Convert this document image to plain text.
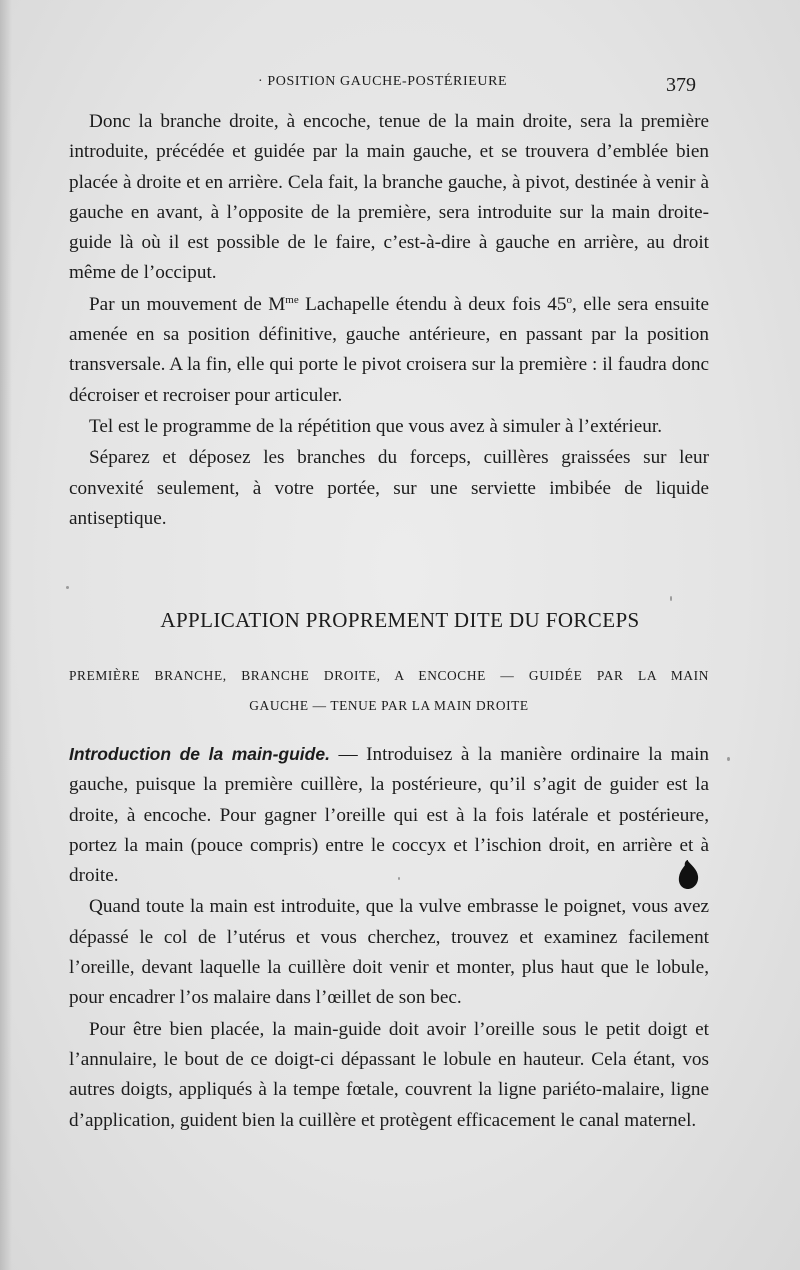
· POSITION GAUCHE-POSTÉRIEURE	379

Donc la branche droite, à encoche, tenue de la main droite, sera la première introduite, précédée et guidée par la main gauche, et se trouvera d’emblée bien placée à droite et en arrière. Cela fait, la branche gauche, à pivot, destinée à venir à gauche en avant, à l’opposite de la première, sera introduite sur la main droite-guide là où il est possible de le faire, c’est-à-dire à gauche en arrière, au droit même de l’occiput.

Par un mouvement de $M^{me}$ Lachapelle étendu à deux fois 45$^o$, elle sera ensuite amenée en sa position définitive, gauche antérieure, en passant par la position transversale. A la fin, elle qui porte le pivot croisera sur la première : il faudra donc décroiser et recroiser pour articuler.

Tel est le programme de la répétition que vous avez à simuler à l’extérieur.

Séparez et déposez les branches du forceps, cuillères graissées sur leur convexité seulement, à votre portée, sur une serviette imbibée de liquide antiseptique.

APPLICATION PROPREMENT DITE DU FORCEPS
PREMIÈRE BRANCHE, BRANCHE DROITE, A ENCOCHE — GUIDÉE PAR LA MAIN
GAUCHE — TENUE PAR LA MAIN DROITE

Introduction de la main-guide. — Introduisez à la manière ordinaire la main gauche, puisque la première cuillère, la postérieure, qu’il s’agit de guider est la droite, à encoche. Pour gagner l’oreille qui est à la fois latérale et postérieure, portez la main (pouce compris) entre le coccyx et l’ischion droit, en arrière et à droite.

Quand toute la main est introduite, que la vulve embrasse le poignet, vous avez dépassé le col de l’utérus et vous cherchez, trouvez et examinez facilement l’oreille, devant laquelle la cuillère doit venir et monter, plus haut que le lobule, pour encadrer l’os malaire dans l’œillet de son bec.

Pour être bien placée, la main-guide doit avoir l’oreille sous le petit doigt et l’annulaire, le bout de ce doigt-ci dépassant le lobule en hauteur. Cela étant, vos autres doigts, appliqués à la tempe fœtale, couvrent la ligne pariéto-malaire, ligne d’application, guident bien la cuillère et protègent efficacement le canal maternel.
